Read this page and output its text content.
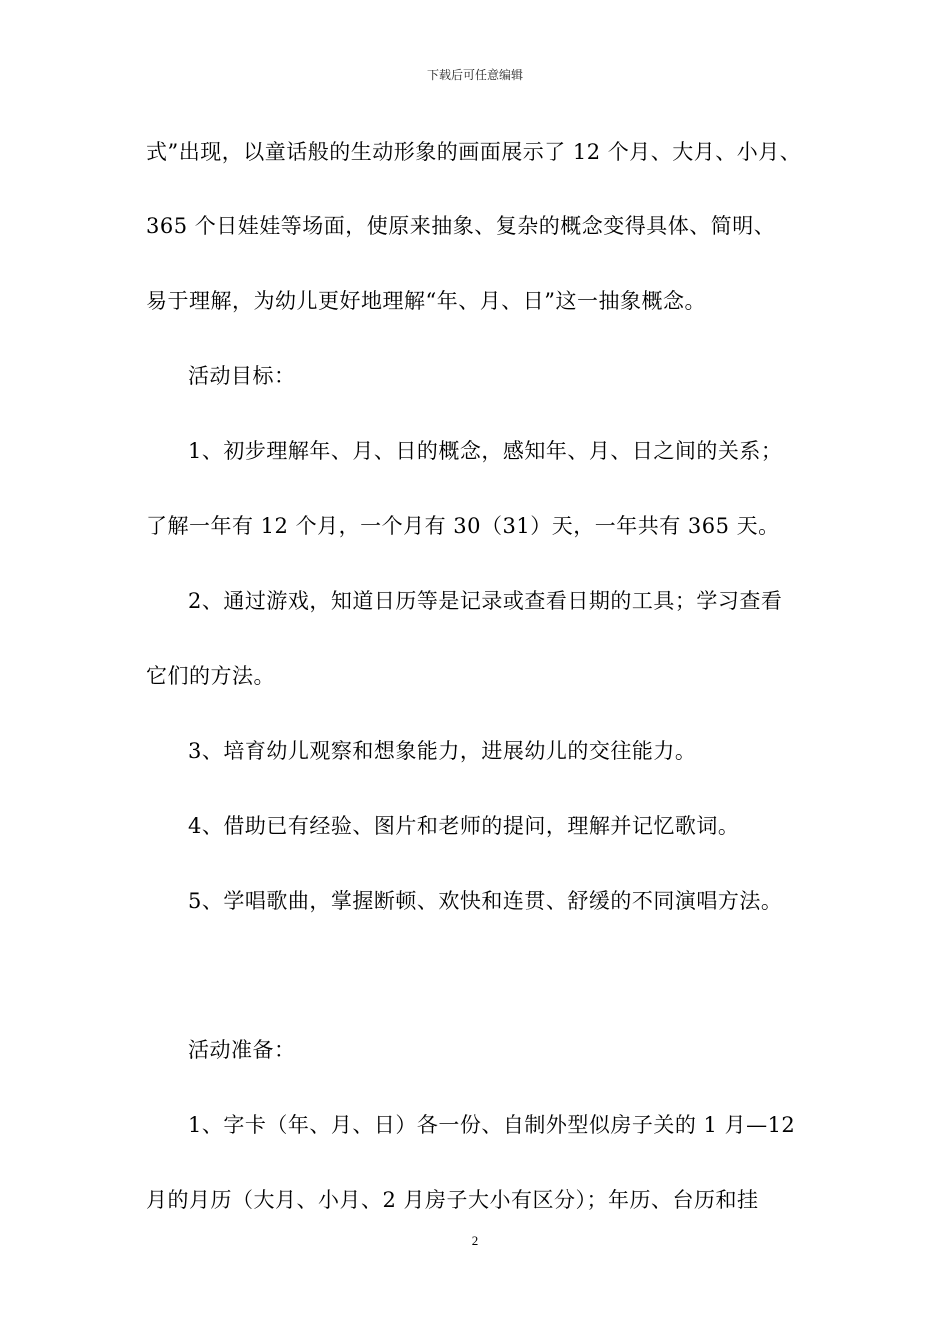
下载后可任意编辑
式”出现，以童话般的生动形象的画面展示了 12 个月、大月、小月、
365 个日娃娃等场面，使原来抽象、复杂的概念变得具体、简明、
易于理解，为幼儿更好地理解“年、月、日”这一抽象概念。
活动目标：
1、初步理解年、月、日的概念，感知年、月、日之间的关系；
了解一年有 12 个月，一个月有 30（31）天，一年共有 365 天。
2、通过游戏，知道日历等是记录或查看日期的工具；学习查看
它们的方法。
3、培育幼儿观察和想象能力，进展幼儿的交往能力。
4、借助已有经验、图片和老师的提问，理解并记忆歌词。
5、学唱歌曲，掌握断顿、欢快和连贯、舒缓的不同演唱方法。
活动准备：
1、字卡（年、月、日）各一份、自制外型似房子关的 1 月—12
月的月历（大月、小月、2 月房子大小有区分）；年历、台历和挂
2
